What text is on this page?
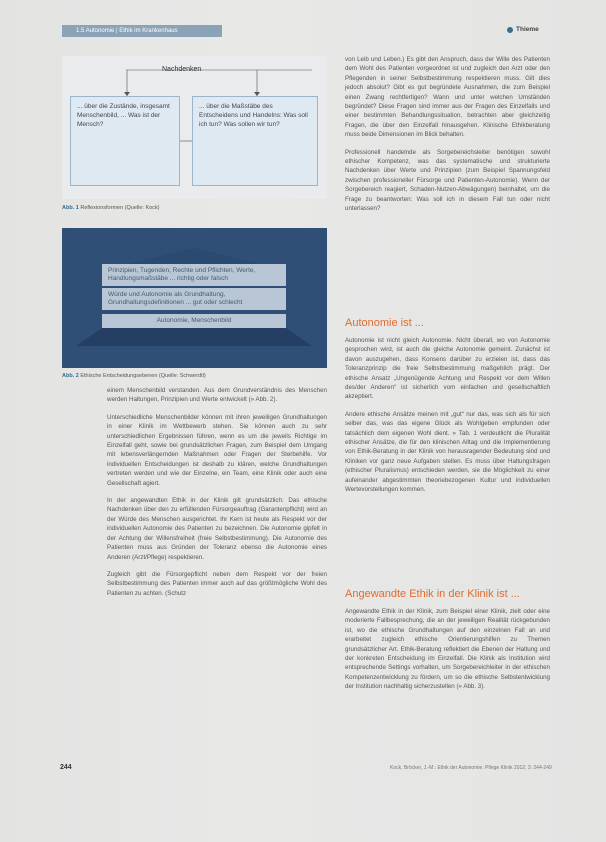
1.5 Autonomie | Ethik im Krankenhaus	Thieme
Nachdenken
... über die Zustände, insgesamt Menschenbild, ... Was ist der Mensch?
... über die Maßstäbe des Entscheidens und Handelns: Was soll ich tun? Was sollen wir tun?
Abb. 1 Reflexionsformen (Quelle: Kock)
Prinzipien, Tugenden, Rechte und Pflichten, Werte, Handlungsmaßstäbe ... richtig oder falsch
Würde und Autonomie als Grundhaltung, Grundhaltungsdefinitionen ... gut oder schlecht
Autonomie, Menschenbild
Abb. 2 Ethische Entscheidungsebenen (Quelle: Schwerdtl)

einem Menschenbild verstanden. Aus dem Grundverständnis des Menschen werden Haltungen, Prinzipien und Werte entwickelt (» Abb. 2).

Unterschiedliche Menschenbilder können mit ihren jeweiligen Grundhaltungen in einer Klinik im Wettbewerb stehen. Sie können auch zu sehr unterschiedlichen Ergebnissen führen, wenn es um die jeweils Richtige im Einzelfall geht, sowie bei grundsätzlichen Fragen, zum Beispiel dem Umgang mit lebensverlängernden Maßnahmen oder Fragen der Sterbehilfe. Vor individuellen Entscheidungen ist deshalb zu klären, welche Grundhaltungen vertreten werden und wie der Einzelne, ein Team, eine Klinik oder auch eine Gesellschaft agiert.

In der angewandten Ethik in der Klinik gilt grundsätzlich: Das ethische Nachdenken über den zu erfüllenden Fürsorgeauftrag (Garantenpflicht) wird an der Würde des Menschen ausgerichtet. Ihr Kern ist heute als Respekt vor der individuellen Autonomie des Patienten zu bezeichnen. Die Autonomie gipfelt in der Achtung der Willensfreiheit (freie Selbstbestimmung). Die Autonomie des Patienten muss aus Gründen der Toleranz ebenso die Autonomie eines Anderen (Arzt/Pflege) respektieren.

Zugleich gibt die Fürsorgepflicht neben dem Respekt vor der freien Selbstbestimmung des Patienten immer auch auf das größtmögliche Wohl des Patienten zu achten. (Schutz

von Leib und Leben.) Es gibt den Anspruch, dass der Wille des Patienten dem Wohl des Patienten vorgeordnet ist und zugleich den Arzt oder den Pflegenden in seiner Selbstbestimmung respektieren muss. Gilt dies jedoch absolut? Gibt es gut begründete Ausnahmen, die zum Beispiel einen Zwang rechtfertigen? Wann und unter welchen Umständen begründet? Diese Fragen sind immer aus der Fragen des Einzelfalls und einer bestimmten Behandlungssituation, betrachten aber gleichzeitig Fragen, die über den Einzelfall hinausgehen. Klinische Ethikberatung muss beide Dimensionen im Blick behalten.

Professionell handelnde als Sorgebereichsleiter benötigen sowohl ethischer Kompetenz, was das systematische und strukturierte Nachdenken über Werte und Prinzipien (zum Beispiel Spannungsfeld zwischen professioneller Fürsorge und Patienten-Autonomie). Wenn der Sorgebereich reagiert, Schaden-Nutzen-Abwägungen) beinhaltet, um die Frage zu beantworten: Was soll ich in diesem Fall tun oder nicht unterlassen?

Autonomie ist ...

Autonomie ist nicht gleich Autonomie. Nicht überall, wo von Autonomie gesprochen wird, ist auch die gleiche Autonomie gemeint. Zunächst ist davon auszugehen, dass Konsens darüber zu erzielen ist, dass das Toleranzprinzip die freie Selbstbestimmung maßgeblich prägt. Der ethische Ansatz „Ungenügende Achtung und Respekt vor dem Willen des/der Anderen“ ist sicherlich vom einfachen und gesellschaftlich akzeptiert.

Andere ethische Ansätze meinen mit „gut“ nur das, was sich als für sich selber das, was das eigene Glück als Wohlgeben empfunden oder tatsächlich dem eigenen Wohl dient. » Tab. 1 verdeutlicht die Pluralität ethischer Ansätze, die für den klinischen Alltag und die Implementierung von Ethik-Beratung in der Klinik von herausragender Bedeutung sind und Kliniken vor ganz neue Aufgaben stellen. Es muss über Haltungsfragen (ethischer Pluralismus) entschieden werden, sie die Möglichkeit zu einer aufeinander abgestimmten theoriebezogenen Kultur und individuellen Wertevorstellungen kommen.

Angewandte Ethik in der Klinik ist ...

Angewandte Ethik in der Klinik, zum Beispiel einer Klinik, zielt oder eine moderierte Fallbesprechung, die an der jeweiligen Realität rückgebunden ist, wo die ethische Grundhaltungen auf den einzelnen Fall an und erarbeitet zugleich ethische Orientierungshilfen zu Themen grundsätzlicher Art. Ethik-Beratung reflektiert die Ebenen der Haltung und der konkreten Entscheidung im Einzelfall. Die Klinik als Institution wird entsprechende Settings vorhalten, um Sorgebereichleiter in der ethischen Kompetenzentwicklung zu fördern, um so die ethische Selbstentwicklung der Institution nachhaltig sicherzustellen (» Abb. 3).

244	Kock, Bröcker, J.-M.: Ethik der Autonomie. Pflege Klinik 2012; 3: 244-249
